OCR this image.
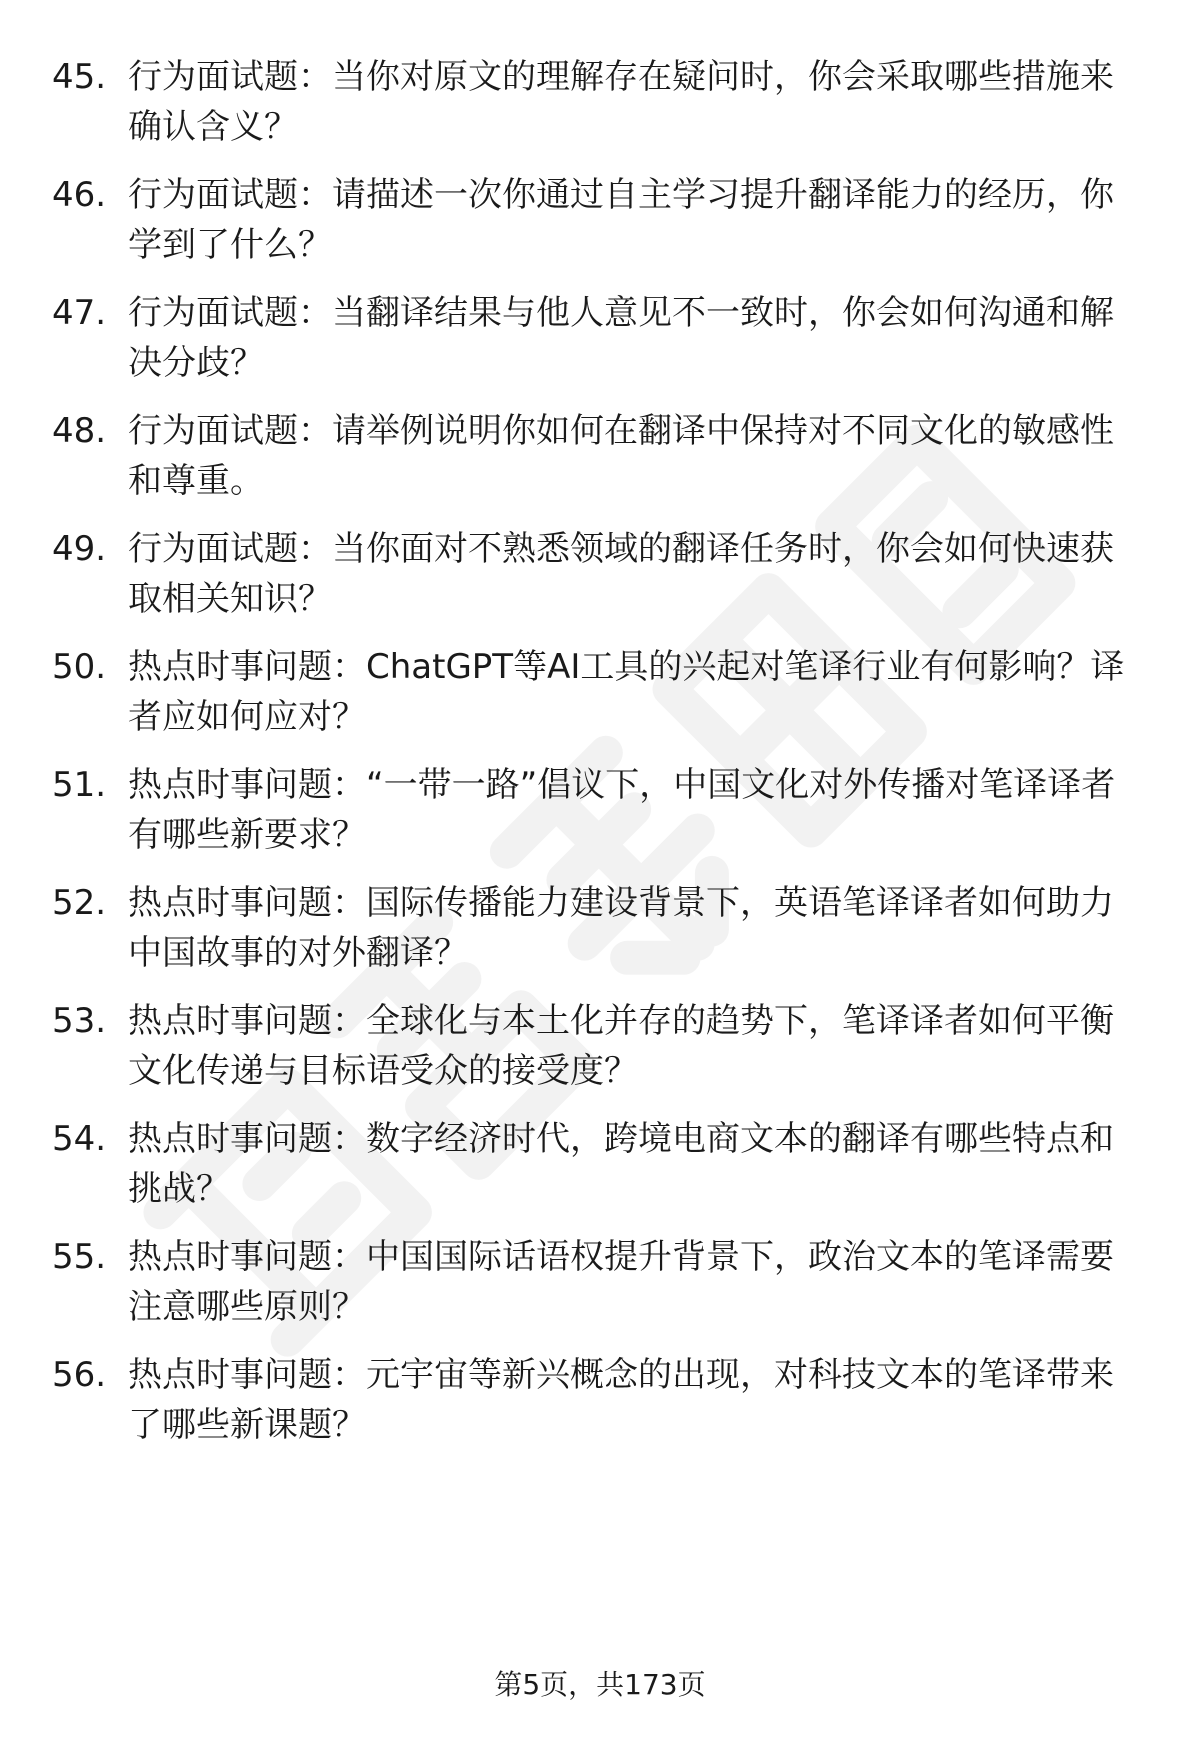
45. 行为面试题：当你对原文的理解存在疑问时，你会采取哪些措施来确认含义？
46. 行为面试题：请描述一次你通过自主学习提升翻译能力的经历，你学到了什么？
47. 行为面试题：当翻译结果与他人意见不一致时，你会如何沟通和解决分歧？
48. 行为面试题：请举例说明你如何在翻译中保持对不同文化的敏感性和尊重。
49. 行为面试题：当你面对不熟悉领域的翻译任务时，你会如何快速获取相关知识？
50. 热点时事问题：ChatGPT等AI工具的兴起对笔译行业有何影响？译者应如何应对？
51. 热点时事问题：“一带一路”倡议下，中国文化对外传播对笔译译者有哪些新要求？
52. 热点时事问题：国际传播能力建设背景下，英语笔译译者如何助力中国故事的对外翻译？
53. 热点时事问题：全球化与本土化并存的趋势下，笔译译者如何平衡文化传递与目标语受众的接受度？
54. 热点时事问题：数字经济时代，跨境电商文本的翻译有哪些特点和挑战？
55. 热点时事问题：中国国际话语权提升背景下，政治文本的笔译需要注意哪些原则？
56. 热点时事问题：元宇宙等新兴概念的出现，对科技文本的笔译带来了哪些新课题？
第5页，共173页
